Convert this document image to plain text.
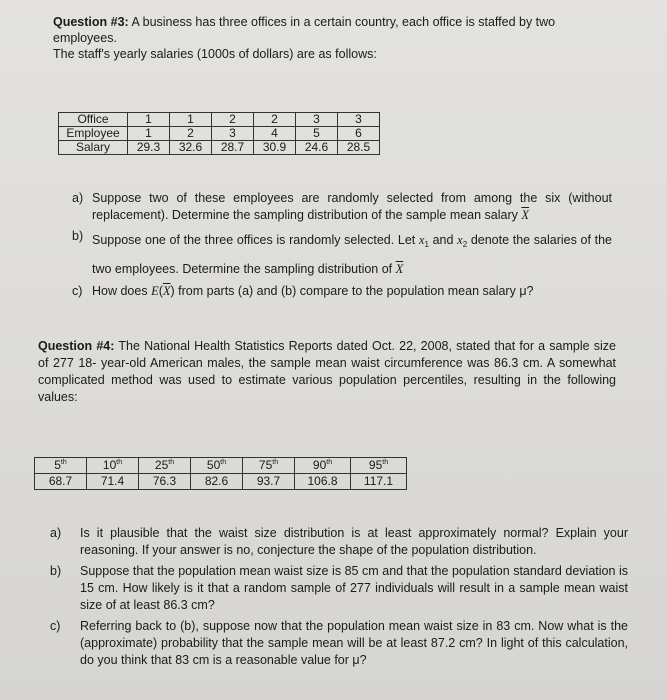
Question #3: A business has three offices in a certain country, each office is staffed by two employees.
The staff's yearly salaries (1000s of dollars) are as follows:
Office	1	1	2	2	3	3
Employee	1	2	3	4	5	6
Salary	29.3	32.6	28.7	30.9	24.6	28.5
a) Suppose two of these employees are randomly selected from among the six (without replacement). Determine the sampling distribution of the sample mean salary $\overline{X}$
b) Suppose one of the three offices is randomly selected. Let $x_1$ and $x_2$ denote the salaries of the two employees. Determine the sampling distribution of $\overline{X}$
c) How does $E(\overline{X})$ from parts (a) and (b) compare to the population mean salary μ?
Question #4: The National Health Statistics Reports dated Oct. 22, 2008, stated that for a sample size of 277 18- year-old American males, the sample mean waist circumference was 86.3 cm. A somewhat complicated method was used to estimate various population percentiles, resulting in the following values:
5th	10th	25th	50th	75th	90th	95th
68.7	71.4	76.3	82.6	93.7	106.8	117.1
a)	Is it plausible that the waist size distribution is at least approximately normal? Explain your reasoning. If your answer is no, conjecture the shape of the population distribution.
b)	Suppose that the population mean waist size is 85 cm and that the population standard deviation is 15 cm. How likely is it that a random sample of 277 individuals will result in a sample mean waist size of at least 86.3 cm?
c)	Referring back to (b), suppose now that the population mean waist size in 83 cm. Now what is the (approximate) probability that the sample mean will be at least 87.2 cm? In light of this calculation, do you think that 83 cm is a reasonable value for μ?
